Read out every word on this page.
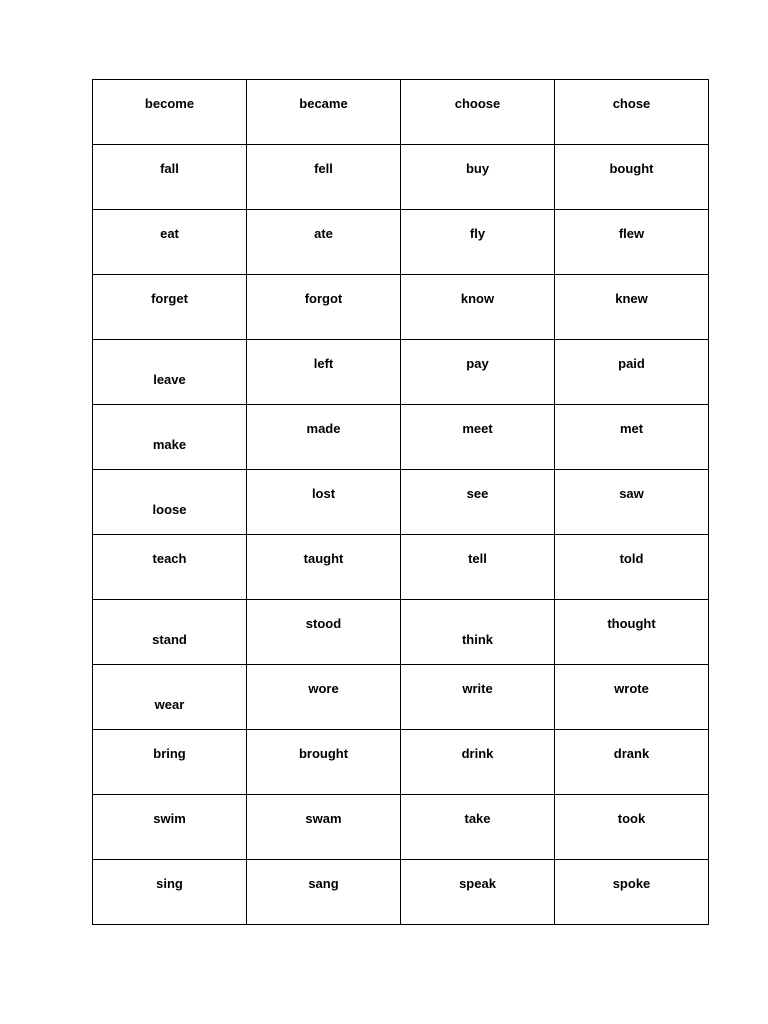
become	became	choose	chose

fall	fell	buy	bought

eat	ate	fly	flew

forget	forgot	know	knew

leave	left	pay	paid

make	made	meet	met

loose	lost	see	saw

teach	taught	tell	told

stand	stood	think	thought

wear	wore	write	wrote

bring	brought	drink	drank

swim	swam	take	took

sing	sang	speak	spoke
